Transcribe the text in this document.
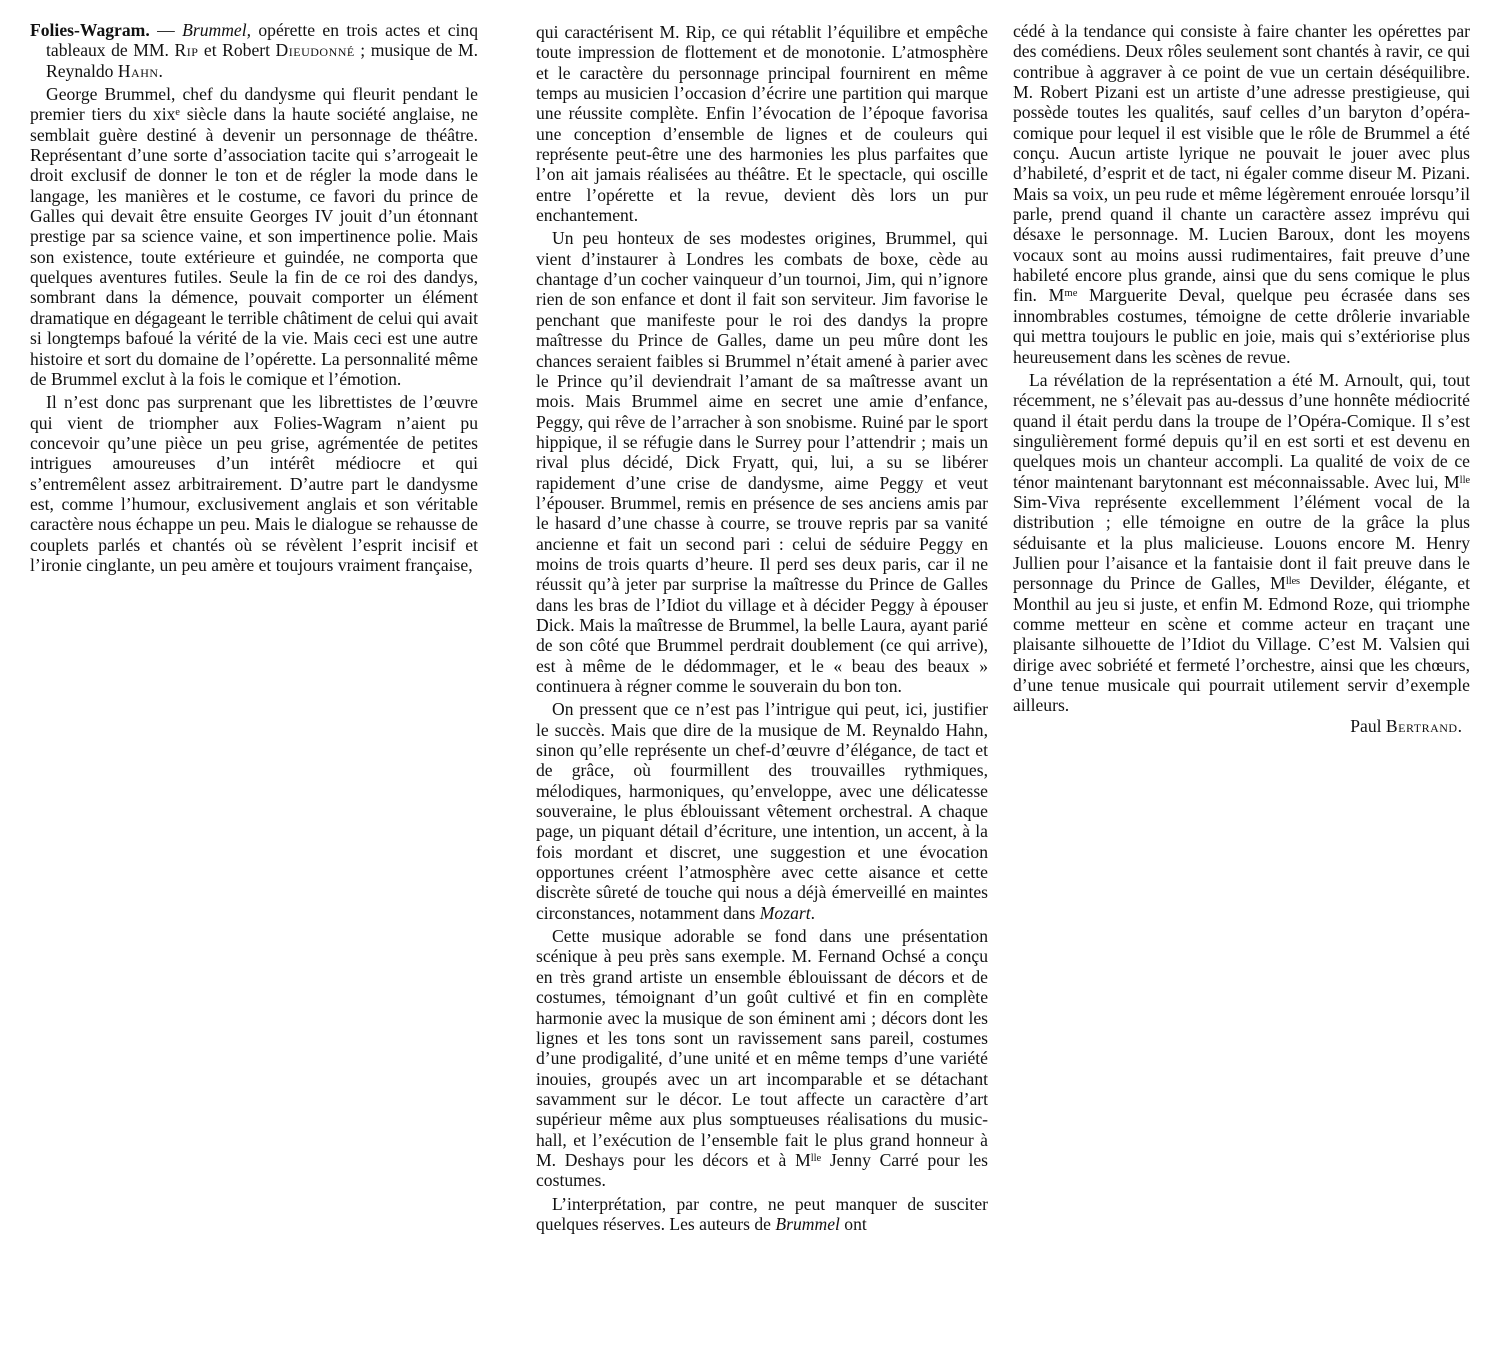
Folies-Wagram. — Brummel, opérette en trois actes et cinq tableaux de MM. Rip et Robert Dieudonné ; musique de M. Reynaldo Hahn.

George Brummel, chef du dandysme qui fleurit pendant le premier tiers du xixᵉ siècle dans la haute société anglaise, ne semblait guère destiné à devenir un personnage de théâtre. Représentant d’une sorte d’association tacite qui s’arrogeait le droit exclusif de donner le ton et de régler la mode dans le langage, les manières et le costume, ce favori du prince de Galles qui devait être ensuite Georges IV jouit d’un étonnant prestige par sa science vaine, et son impertinence polie. Mais son existence, toute extérieure et guindée, ne comporta que quelques aventures futiles. Seule la fin de ce roi des dandys, sombrant dans la démence, pouvait comporter un élément dramatique en dégageant le terrible châtiment de celui qui avait si longtemps bafoué la vérité de la vie. Mais ceci est une autre histoire et sort du domaine de l’opérette. La personnalité même de Brummel exclut à la fois le comique et l’émotion.

Il n’est donc pas surprenant que les librettistes de l’œuvre qui vient de triompher aux Folies-Wagram n’aient pu concevoir qu’une pièce un peu grise, agrémentée de petites intrigues amoureuses d’un intérêt médiocre et qui s’entremêlent assez arbitrairement. D’autre part le dandysme est, comme l’humour, exclusivement anglais et son véritable caractère nous échappe un peu. Mais le dialogue se rehausse de couplets parlés et chantés où se révèlent l’esprit incisif et l’ironie cinglante, un peu amère et toujours vraiment française,

qui caractérisent M. Rip, ce qui rétablit l’équilibre et empêche toute impression de flottement et de monotonie. L’atmosphère et le caractère du personnage principal fournirent en même temps au musicien l’occasion d’écrire une partition qui marque une réussite complète. Enfin l’évocation de l’époque favorisa une conception d’ensemble de lignes et de couleurs qui représente peut-être une des harmonies les plus parfaites que l’on ait jamais réalisées au théâtre. Et le spectacle, qui oscille entre l’opérette et la revue, devient dès lors un pur enchantement.

Un peu honteux de ses modestes origines, Brummel, qui vient d’instaurer à Londres les combats de boxe, cède au chantage d’un cocher vainqueur d’un tournoi, Jim, qui n’ignore rien de son enfance et dont il fait son serviteur. Jim favorise le penchant que manifeste pour le roi des dandys la propre maîtresse du Prince de Galles, dame un peu mûre dont les chances seraient faibles si Brummel n’était amené à parier avec le Prince qu’il deviendrait l’amant de sa maîtresse avant un mois. Mais Brummel aime en secret une amie d’enfance, Peggy, qui rêve de l’arracher à son snobisme. Ruiné par le sport hippique, il se réfugie dans le Surrey pour l’attendrir ; mais un rival plus décidé, Dick Fryatt, qui, lui, a su se libérer rapidement d’une crise de dandysme, aime Peggy et veut l’épouser. Brummel, remis en présence de ses anciens amis par le hasard d’une chasse à courre, se trouve repris par sa vanité ancienne et fait un second pari : celui de séduire Peggy en moins de trois quarts d’heure. Il perd ses deux paris, car il ne réussit qu’à jeter par surprise la maîtresse du Prince de Galles dans les bras de l’Idiot du village et à décider Peggy à épouser Dick. Mais la maîtresse de Brummel, la belle Laura, ayant parié de son côté que Brummel perdrait doublement (ce qui arrive), est à même de le dédommager, et le « beau des beaux » continuera à régner comme le souverain du bon ton.

On pressent que ce n’est pas l’intrigue qui peut, ici, justifier le succès. Mais que dire de la musique de M. Reynaldo Hahn, sinon qu’elle représente un chef-d’œuvre d’élégance, de tact et de grâce, où fourmillent des trouvailles rythmiques, mélodiques, harmoniques, qu’enveloppe, avec une délicatesse souveraine, le plus éblouissant vêtement orchestral. A chaque page, un piquant détail d’écriture, une intention, un accent, à la fois mordant et discret, une suggestion et une évocation opportunes créent l’atmosphère avec cette aisance et cette discrète sûreté de touche qui nous a déjà émerveillé en maintes circonstances, notamment dans Mozart.

Cette musique adorable se fond dans une présentation scénique à peu près sans exemple. M. Fernand Ochsé a conçu en très grand artiste un ensemble éblouissant de décors et de costumes, témoignant d’un goût cultivé et fin en complète harmonie avec la musique de son éminent ami ; décors dont les lignes et les tons sont un ravissement sans pareil, costumes d’une prodigalité, d’une unité et en même temps d’une variété inouies, groupés avec un art incomparable et se détachant savamment sur le décor. Le tout affecte un caractère d’art supérieur même aux plus somptueuses réalisations du music-hall, et l’exécution de l’ensemble fait le plus grand honneur à M. Deshays pour les décors et à Mˡˡᵉ Jenny Carré pour les costumes.

L’interprétation, par contre, ne peut manquer de susciter quelques réserves. Les auteurs de Brummel ont

cédé à la tendance qui consiste à faire chanter les opérettes par des comédiens. Deux rôles seulement sont chantés à ravir, ce qui contribue à aggraver à ce point de vue un certain déséquilibre. M. Robert Pizani est un artiste d’une adresse prestigieuse, qui possède toutes les qualités, sauf celles d’un baryton d’opéra-comique pour lequel il est visible que le rôle de Brummel a été conçu. Aucun artiste lyrique ne pouvait le jouer avec plus d’habileté, d’esprit et de tact, ni égaler comme diseur M. Pizani. Mais sa voix, un peu rude et même légèrement enrouée lorsqu’il parle, prend quand il chante un caractère assez imprévu qui désaxe le personnage. M. Lucien Baroux, dont les moyens vocaux sont au moins aussi rudimentaires, fait preuve d’une habileté encore plus grande, ainsi que du sens comique le plus fin. Mᵐᵉ Marguerite Deval, quelque peu écrasée dans ses innombrables costumes, témoigne de cette drôlerie invariable qui mettra toujours le public en joie, mais qui s’extériorise plus heureusement dans les scènes de revue.

La révélation de la représentation a été M. Arnoult, qui, tout récemment, ne s’élevait pas au-dessus d’une honnête médiocrité quand il était perdu dans la troupe de l’Opéra-Comique. Il s’est singulièrement formé depuis qu’il en est sorti et est devenu en quelques mois un chanteur accompli. La qualité de voix de ce ténor maintenant barytonnant est méconnaissable. Avec lui, Mˡˡᵉ Sim-Viva représente excellemment l’élément vocal de la distribution ; elle témoigne en outre de la grâce la plus séduisante et la plus malicieuse. Louons encore M. Henry Jullien pour l’aisance et la fantaisie dont il fait preuve dans le personnage du Prince de Galles, Mˡˡᵉˢ Devilder, élégante, et Monthil au jeu si juste, et enfin M. Edmond Roze, qui triomphe comme metteur en scène et comme acteur en traçant une plaisante silhouette de l’Idiot du Village. C’est M. Valsien qui dirige avec sobriété et fermeté l’orchestre, ainsi que les chœurs, d’une tenue musicale qui pourrait utilement servir d’exemple ailleurs.

Paul Bertrand.
